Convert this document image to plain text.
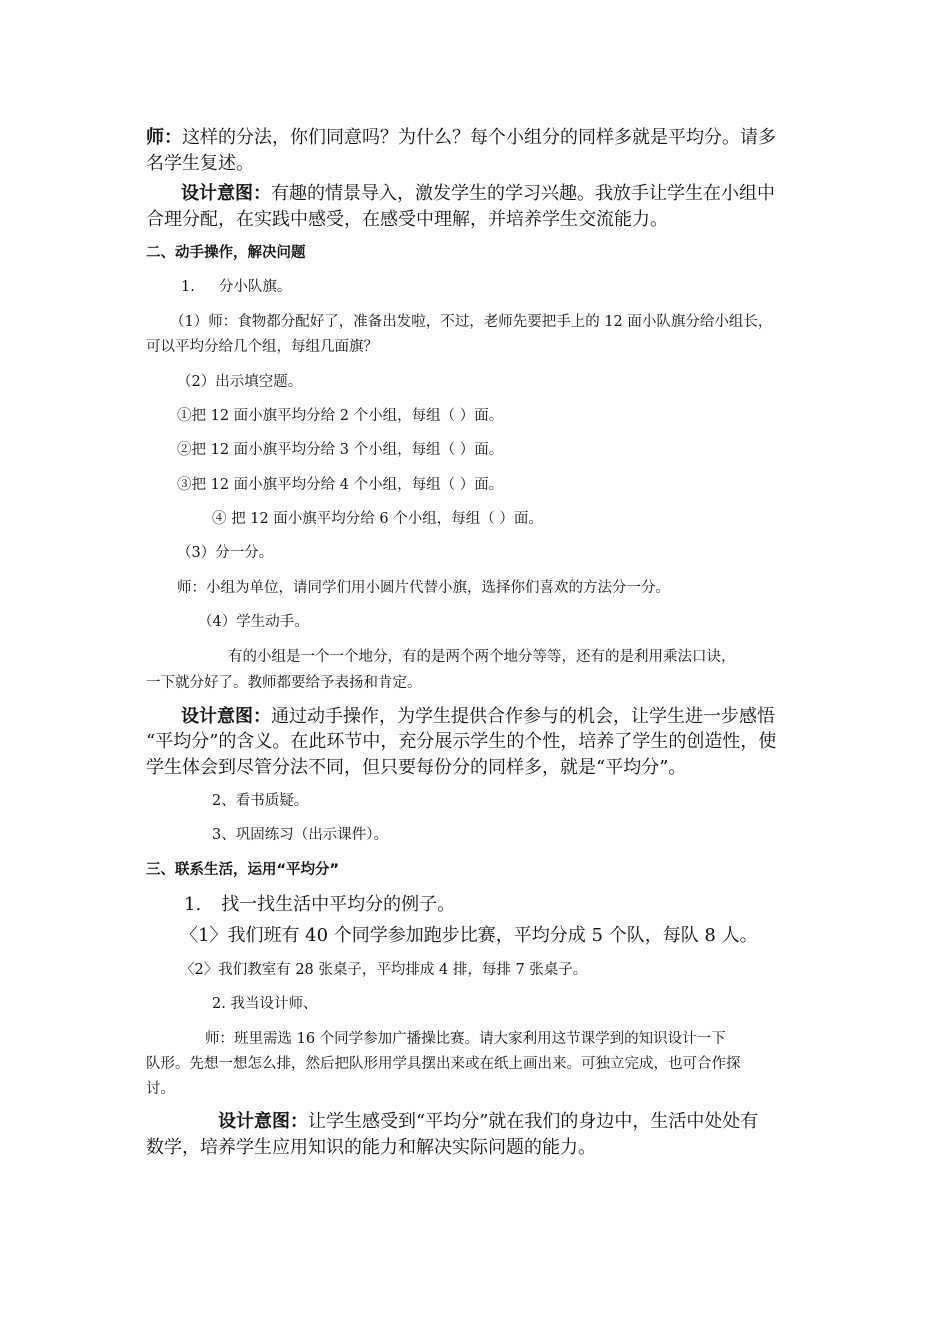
师：这样的分法，你们同意吗？为什么？每个小组分的同样多就是平均分。请多
名学生复述。
设计意图：有趣的情景导入，激发学生的学习兴趣。我放手让学生在小组中
合理分配，在实践中感受，在感受中理解，并培养学生交流能力。
二、动手操作，解决问题
1. 分小队旗。
（1）师：食物都分配好了，准备出发啦，不过，老师先要把手上的 12 面小队旗分给小组长，
可以平均分给几个组，每组几面旗？
（2）出示填空题。
①把 12 面小旗平均分给 2 个小组，每组（ ）面。
②把 12 面小旗平均分给 3 个小组，每组（ ）面。
③把 12 面小旗平均分给 4 个小组，每组（ ）面。
④ 把 12 面小旗平均分给 6 个小组，每组（ ）面。
（3）分一分。
师：小组为单位，请同学们用小圆片代替小旗，选择你们喜欢的方法分一分。
（4）学生动手。
有的小组是一个一个地分，有的是两个两个地分等等，还有的是利用乘法口诀，
一下就分好了。教师都要给予表扬和肯定。
设计意图：通过动手操作，为学生提供合作参与的机会，让学生进一步感悟
“平均分”的含义。在此环节中，充分展示学生的个性，培养了学生的创造性，使
学生体会到尽管分法不同，但只要每份分的同样多，就是“平均分”。
2、看书质疑。
3、巩固练习（出示课件）。
三、联系生活，运用“平均分”
1. 找一找生活中平均分的例子。
〈1〉我们班有 40 个同学参加跑步比赛，平均分成 5 个队，每队 8 人。
〈2〉我们教室有 28 张桌子，平均排成 4 排，每排 7 张桌子。
2. 我当设计师、
师：班里需选 16 个同学参加广播操比赛。请大家利用这节课学到的知识设计一下
队形。先想一想怎么排，然后把队形用学具摆出来或在纸上画出来。可独立完成，也可合作探
讨。
设计意图：让学生感受到“平均分”就在我们的身边中，生活中处处有
数学，培养学生应用知识的能力和解决实际问题的能力。
